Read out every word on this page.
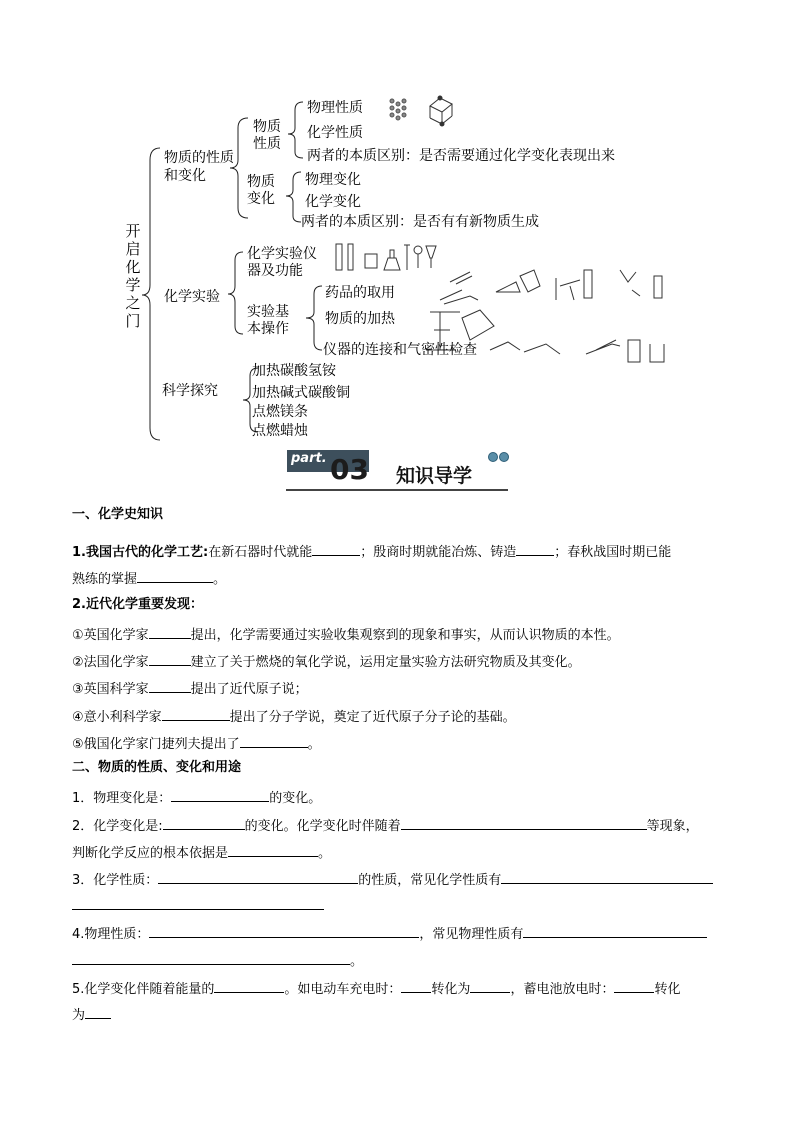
开启化学之门
物质的性质
和变化
物质
性质
物理性质
化学性质
两者的本质区别：是否需要通过化学变化表现出来
物质
变化
物理变化
化学变化
两者的本质区别：是否有有新物质生成
化学实验
化学实验仪
器及功能
实验基
本操作
药品的取用
物质的加热
仪器的连接和气密性检查
科学探究
加热碳酸氢铵
加热碱式碳酸铜
点燃镁条
点燃蜡烛
part. 03 知识导学
一、化学史知识
1.我国古代的化学工艺:在新石器时代就能	；殷商时期就能冶炼、铸造	；春秋战国时期已能
熟练的掌握	。
2.近代化学重要发现：
①英国化学家	提出，化学需要通过实验收集观察到的现象和事实，从而认识物质的本性。
②法国化学家	建立了关于燃烧的氧化学说，运用定量实验方法研究物质及其变化。
③英国科学家	提出了近代原子说；
④意小利科学家	提出了分子学说，奠定了近代原子分子论的基础。
⑤俄国化学家门捷列夫提出了	。
二、物质的性质、变化和用途
1．物理变化是：	的变化。
2．化学变化是:	的变化。化学变化时伴随着	等现象，
判断化学反应的根本依据是	。
3．化学性质：	的性质，常见化学性质有
4.物理性质：	，常见物理性质有
。
5.化学变化伴随着能量的	。如电动车充电时： 转化为	，蓄电池放电时：	转化
为
